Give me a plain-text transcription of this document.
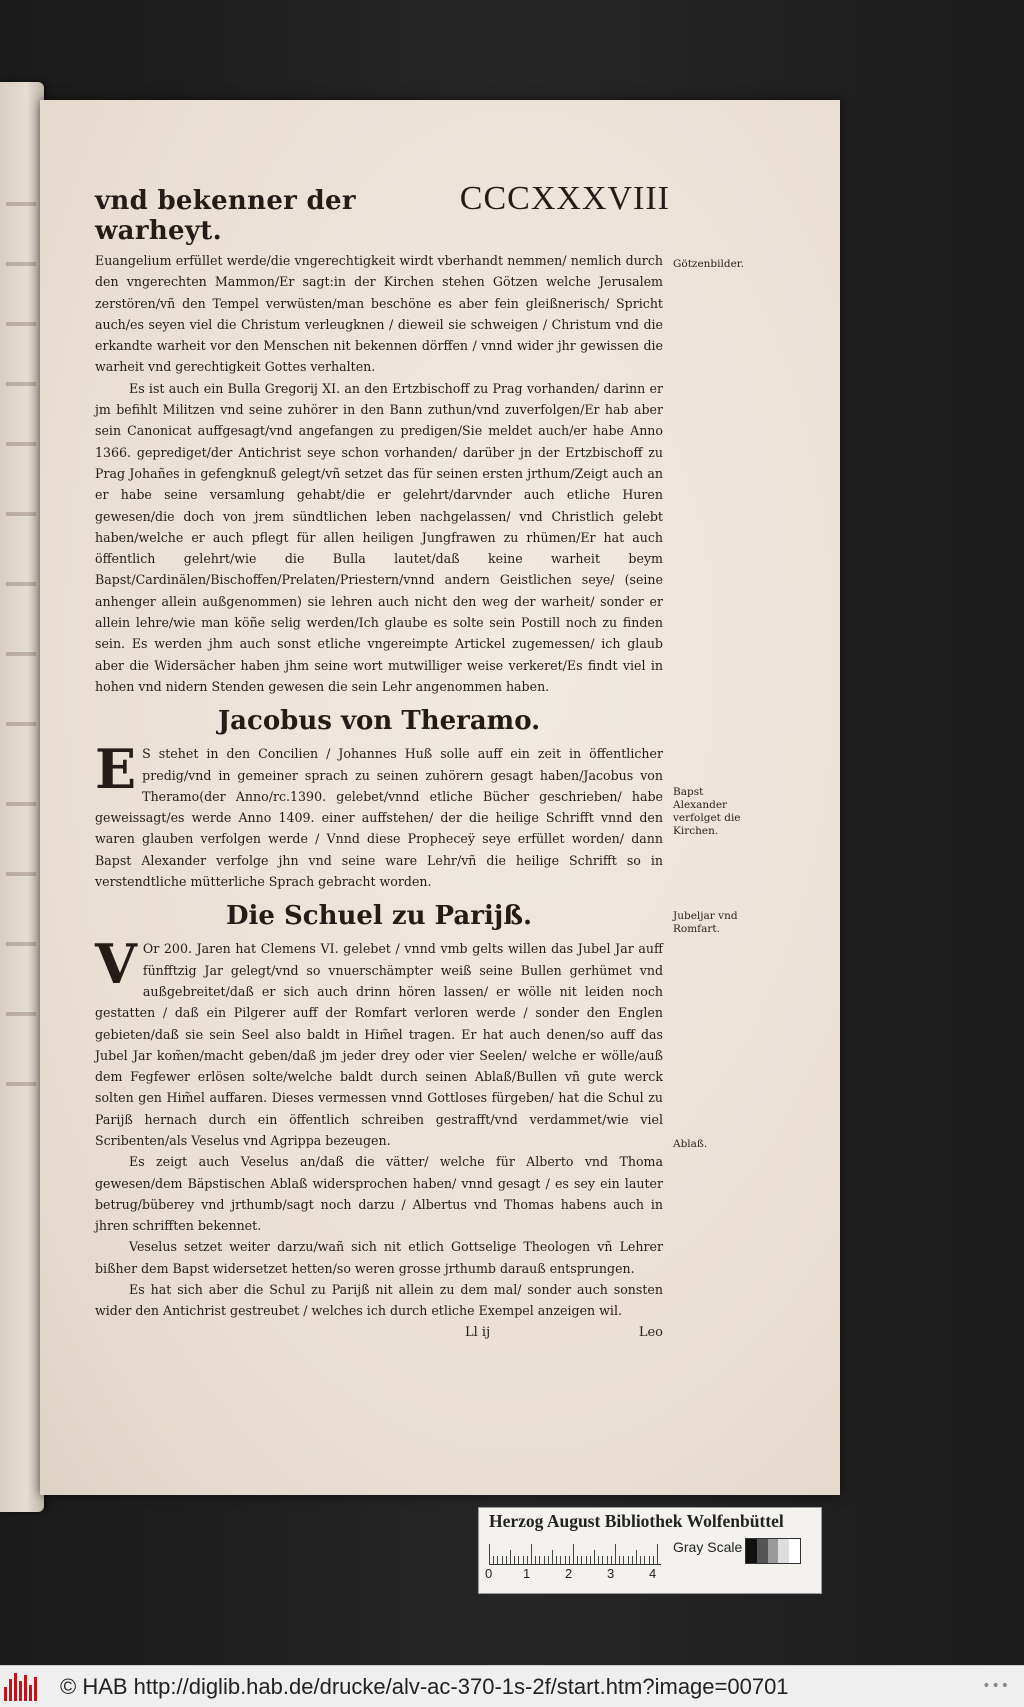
vnd bekenner der warheyt.
CCCXXXVIII
Götzenbilder.
Bapst Alexander verfolget die Kirchen.
Jubeljar vnd Romfart.
Ablaß.

Euangelium erfüllet werde/die vngerechtigkeit wirdt vberhandt nemmen/ nemlich durch den vngerechten Mammon/Er sagt:in der Kirchen stehen Götzen welche Jerusalem zerstören/vñ den Tempel verwüsten/man beschöne es aber fein gleißnerisch/ Spricht auch/es seyen viel die Christum verleugknen / dieweil sie schweigen / Christum vnd die erkandte warheit vor den Menschen nit bekennen dörffen / vnnd wider jhr gewissen die warheit vnd gerechtigkeit Gottes verhalten.

Es ist auch ein Bulla Gregorij XI. an den Ertzbischoff zu Prag vorhanden/ darinn er jm befihlt Militzen vnd seine zuhörer in den Bann zuthun/vnd zuverfolgen/Er hab aber sein Canonicat auffgesagt/vnd angefangen zu predigen/Sie meldet auch/er habe Anno 1366. geprediget/der Antichrist seye schon vorhanden/ darüber jn der Ertzbischoff zu Prag Johañes in gefengknuß gelegt/vñ setzet das für seinen ersten jrthum/Zeigt auch an er habe seine versamlung gehabt/die er gelehrt/darvnder auch etliche Huren gewesen/die doch von jrem sündtlichen leben nachgelassen/ vnd Christlich gelebt haben/welche er auch pflegt für allen heiligen Jungfrawen zu rhümen/Er hat auch öffentlich gelehrt/wie die Bulla lautet/daß keine warheit beym Bapst/Cardinälen/Bischoffen/Prelaten/Priestern/vnnd andern Geistlichen seye/ (seine anhenger allein außgenommen) sie lehren auch nicht den weg der warheit/ sonder er allein lehre/wie man köñe selig werden/Ich glaube es solte sein Postill noch zu finden sein. Es werden jhm auch sonst etliche vngereimpte Artickel zugemessen/ ich glaub aber die Widersächer haben jhm seine wort mutwilliger weise verkeret/Es findt viel in hohen vnd nidern Stenden gewesen die sein Lehr angenommen haben.

Jacobus von Theramo.

E S stehet in den Concilien / Johannes Huß solle auff ein zeit in öffentlicher predig/vnd in gemeiner sprach zu seinen zuhörern gesagt haben/Jacobus von Theramo(der Anno/rc.1390. gelebet/vnnd etliche Bücher geschrieben/ habe geweissagt/es werde Anno 1409. einer auffstehen/ der die heilige Schrifft vnnd den waren glauben verfolgen werde / Vnnd diese Propheceÿ seye erfüllet worden/ dann Bapst Alexander verfolge jhn vnd seine ware Lehr/vñ die heilige Schrifft so in verstendtliche mütterliche Sprach gebracht worden.

Die Schuel zu Parijß.

V Or 200. Jaren hat Clemens VI. gelebet / vnnd vmb gelts willen das Jubel Jar auff fünfftzig Jar gelegt/vnd so vnuerschämpter weiß seine Bullen gerhümet vnd außgebreitet/daß er sich auch drinn hören lassen/ er wölle nit leiden noch gestatten / daß ein Pilgerer auff der Romfart verloren werde / sonder den Englen gebieten/daß sie sein Seel also baldt in Him̃el tragen. Er hat auch denen/so auff das Jubel Jar kom̃en/macht geben/daß jm jeder drey oder vier Seelen/ welche er wölle/auß dem Fegfewer erlösen solte/welche baldt durch seinen Ablaß/Bullen vñ gute werck solten gen Him̃el auffaren. Dieses vermessen vnnd Gottloses fürgeben/ hat die Schul zu Parijß hernach durch ein öffentlich schreiben gestrafft/vnd verdammet/wie viel Scribenten/als Veselus vnd Agrippa bezeugen.

Es zeigt auch Veselus an/daß die vätter/ welche für Alberto vnd Thoma gewesen/dem Bäpstischen Ablaß widersprochen haben/ vnnd gesagt / es sey ein lauter betrug/büberey vnd jrthumb/sagt noch darzu / Albertus vnd Thomas habens auch in jhren schrifften bekennet.

Veselus setzet weiter darzu/wañ sich nit etlich Gottselige Theologen vñ Lehrer bißher dem Bapst widersetzet hetten/so weren grosse jrthumb darauß entsprungen.

Es hat sich aber die Schul zu Parijß nit allein zu dem mal/ sonder auch sonsten wider den Antichrist gestreubet / welches ich durch etliche Exempel anzeigen wil.

Ll ij	Leo
Herzog August Bibliothek Wolfenbüttel
0 1	2	3	4
Gray Scale
© HAB http://diglib.hab.de/drucke/alv-ac-370-1s-2f/start.htm?image=00701	•••
